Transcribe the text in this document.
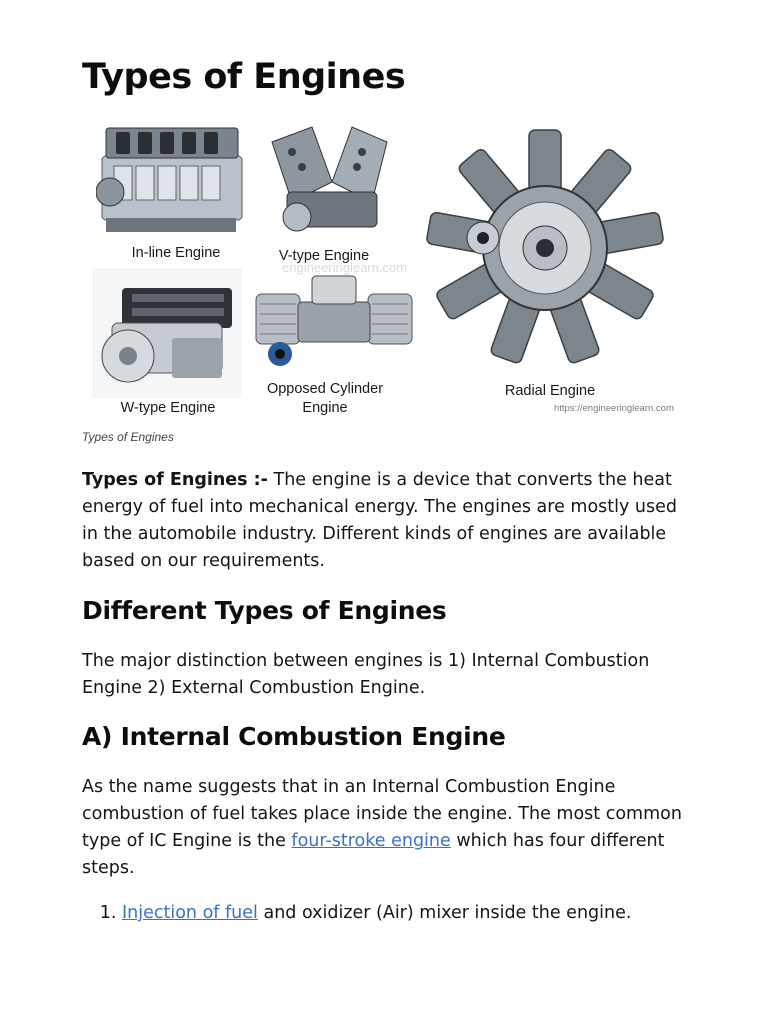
Types of Engines
In-line Engine	V-type Engine
engineeringlearn.com
W-type Engine
Opposed Cylinder
Engine
Radial Engine
https://engineeringlearn.com
Types of Engines

Types of Engines :- The engine is a device that converts the heat energy of fuel into mechanical energy. The engines are mostly used in the automobile industry. Different kinds of engines are available based on our requirements.

Different Types of Engines

The major distinction between engines is 1) Internal Combustion Engine 2) External Combustion Engine.

A) Internal Combustion Engine

As the name suggests that in an Internal Combustion Engine combustion of fuel takes place inside the engine. The most common type of IC Engine is the four-stroke engine which has four different steps.

1. Injection of fuel and oxidizer (Air) mixer inside the engine.
